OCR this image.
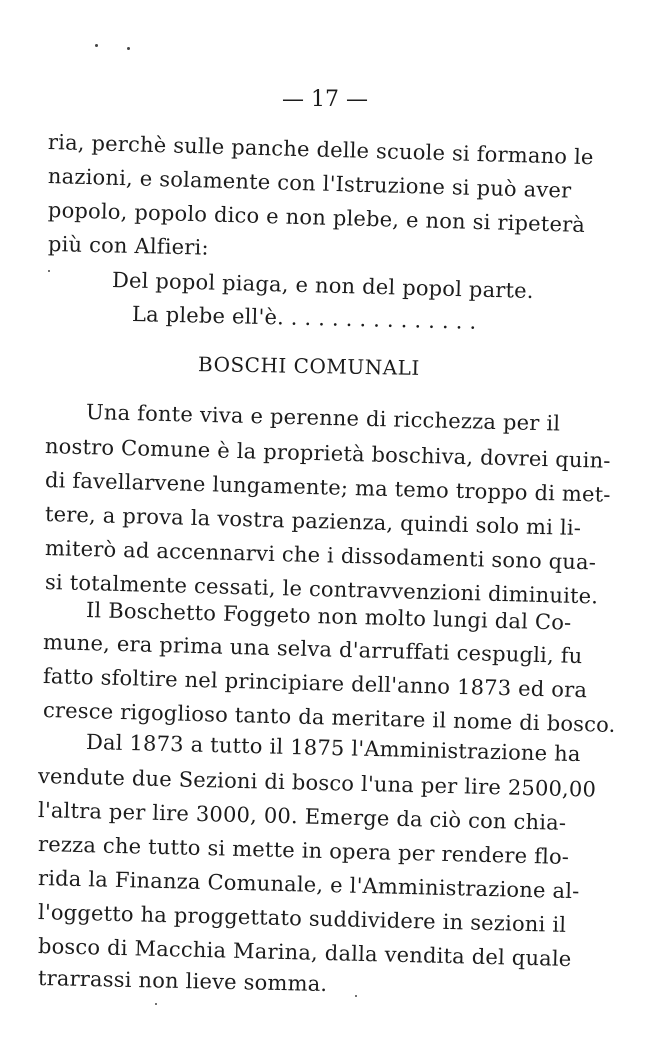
— 17 —
ria, perchè sulle panche delle scuole si formano le
nazioni, e solamente con l'Istruzione si può aver
popolo, popolo dico e non plebe, e non si ripeterà
più con Alfieri:
Del popol piaga, e non del popol parte.
La plebe ell'è. . . . . . . . . . . . . . .
BOSCHI COMUNALI
Una fonte viva e perenne di ricchezza per il
nostro Comune è la proprietà boschiva, dovrei quin-
di favellarvene lungamente; ma temo troppo di met-
tere, a prova la vostra pazienza, quindi solo mi li-
miterò ad accennarvi che i dissodamenti sono qua-
si totalmente cessati, le contravvenzioni diminuite.
Il Boschetto Foggeto non molto lungi dal Co-
mune, era prima una selva d'arruffati cespugli, fu
fatto sfoltire nel principiare dell'anno 1873 ed ora
cresce rigoglioso tanto da meritare il nome di bosco.
Dal 1873 a tutto il 1875 l'Amministrazione ha
vendute due Sezioni di bosco l'una per lire 2500,00
l'altra per lire 3000, 00. Emerge da ciò con chia-
rezza che tutto si mette in opera per rendere flo-
rida la Finanza Comunale, e l'Amministrazione al-
l'oggetto ha proggettato suddividere in sezioni il
bosco di Macchia Marina, dalla vendita del quale
trarrassi non lieve somma.
